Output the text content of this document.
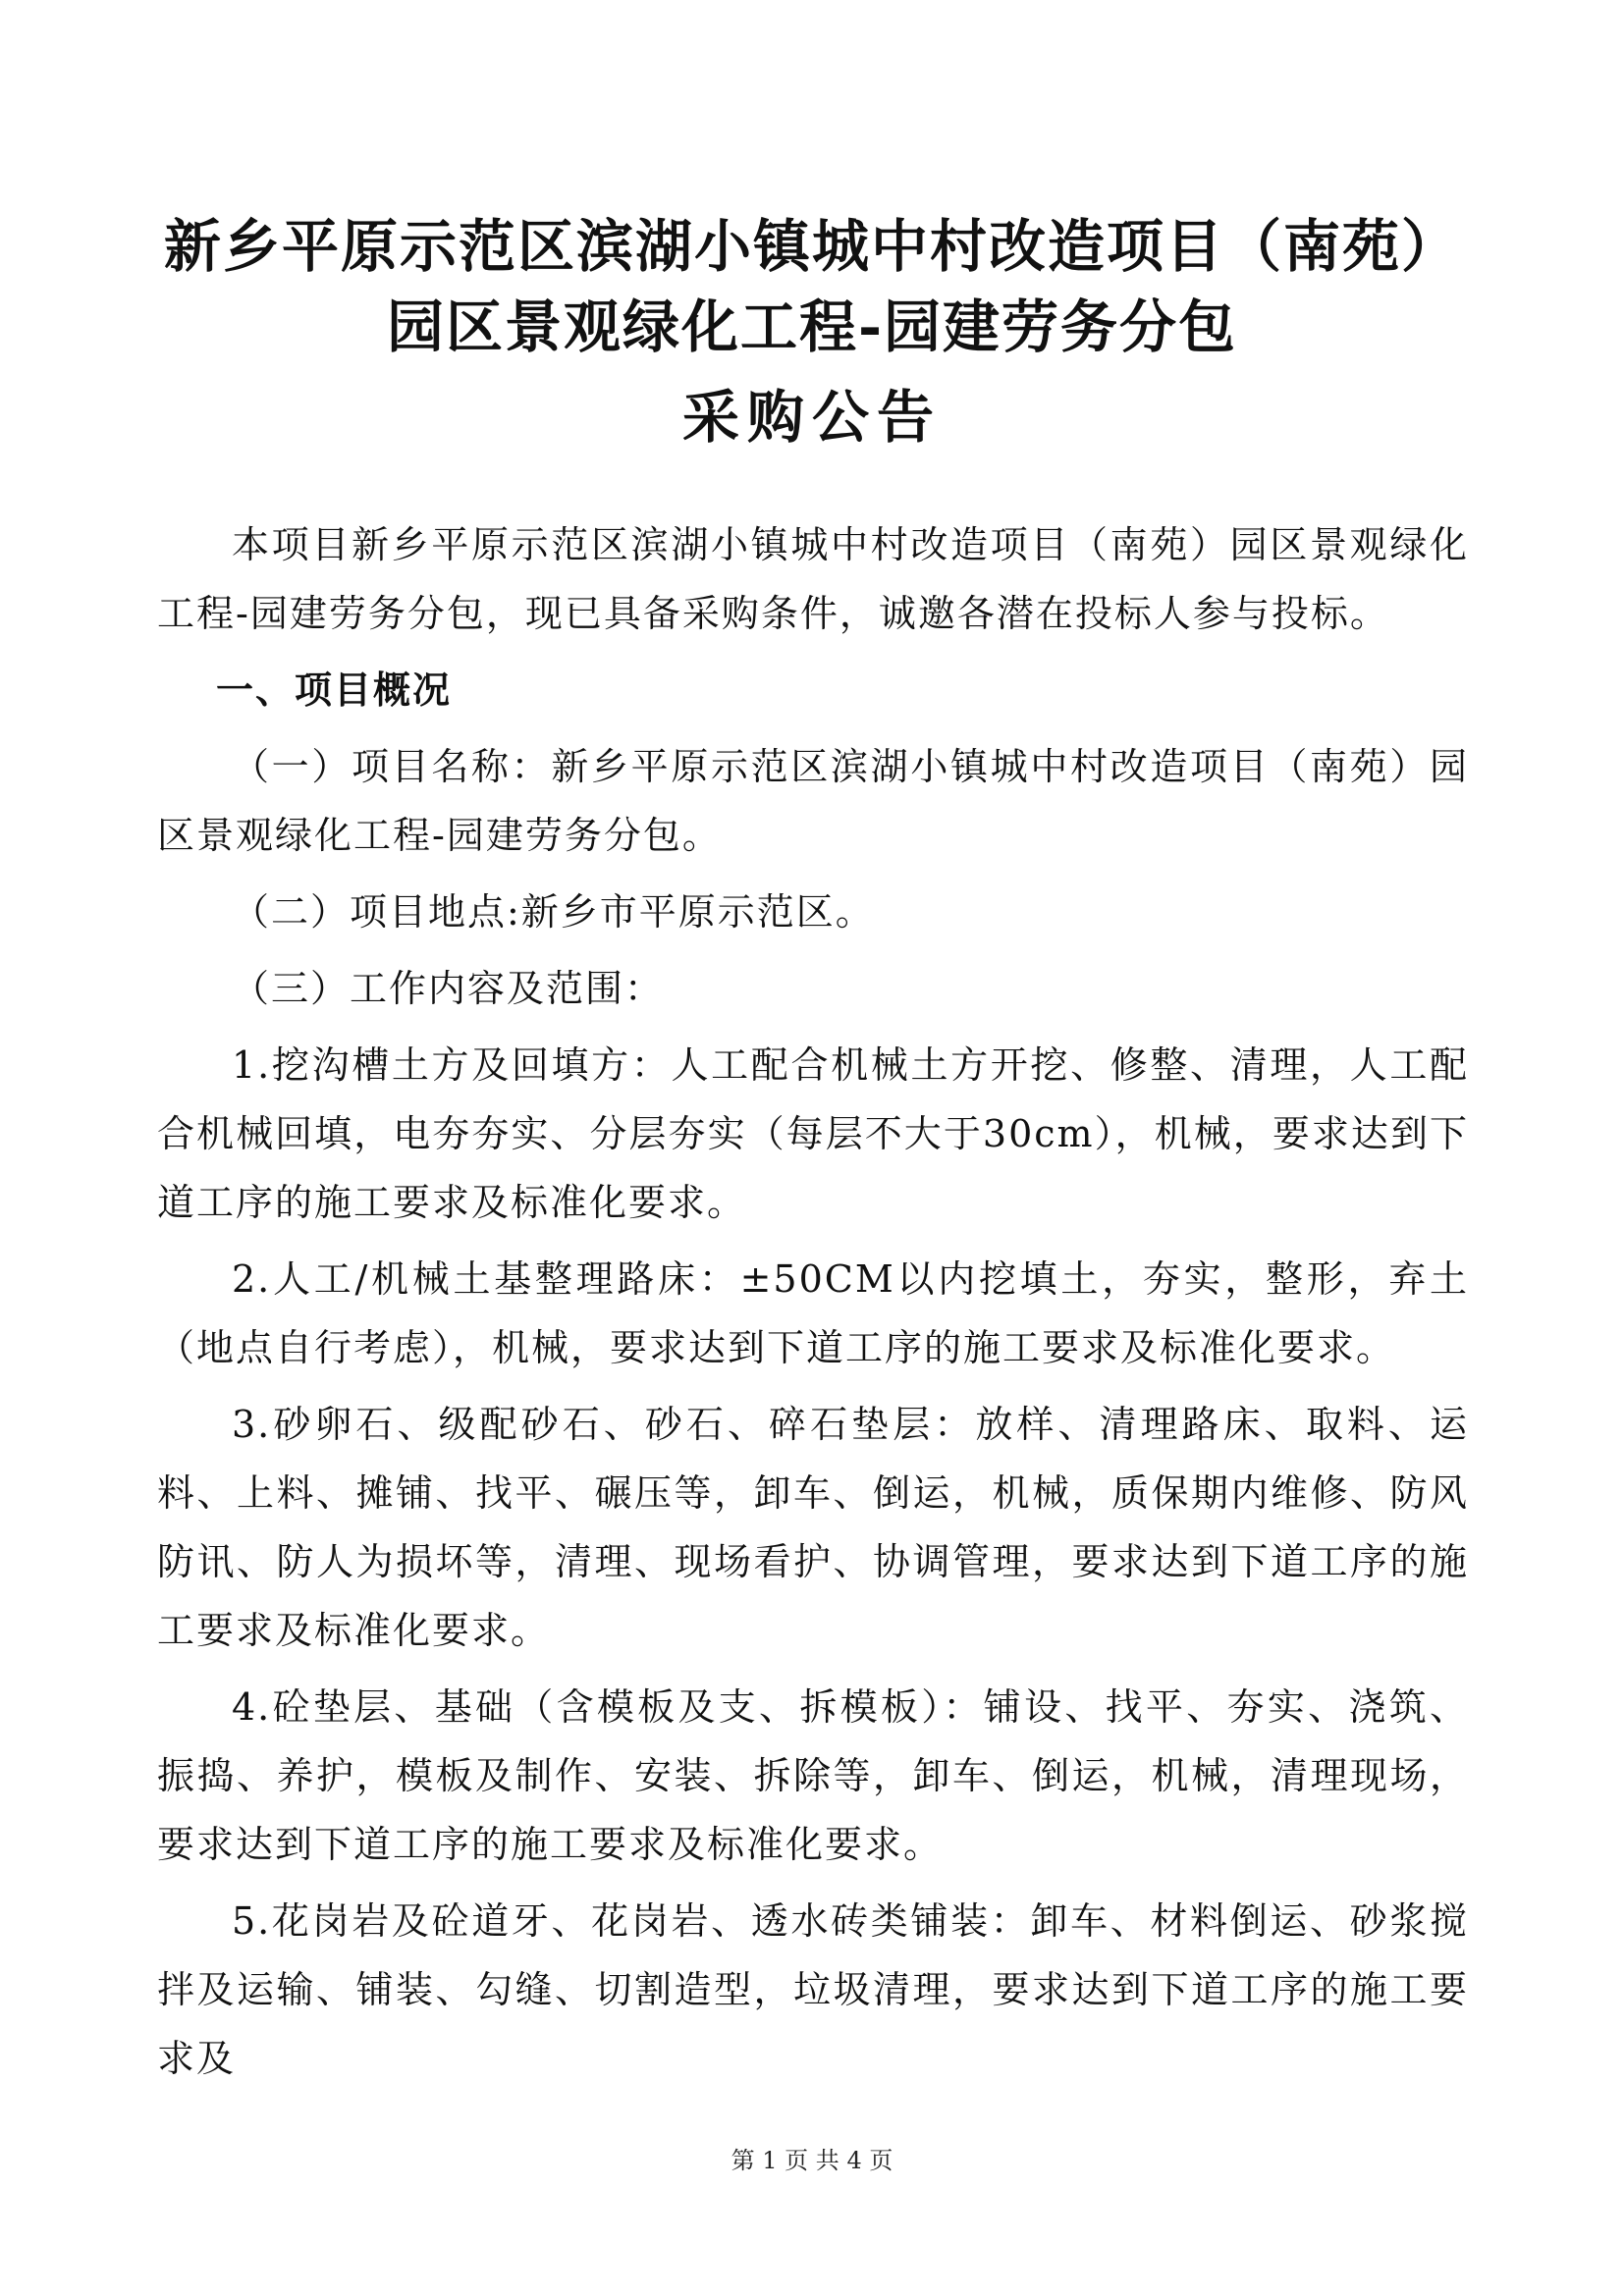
新乡平原示范区滨湖小镇城中村改造项目（南苑）
园区景观绿化工程-园建劳务分包
采购公告

本项目新乡平原示范区滨湖小镇城中村改造项目（南苑）园区景观绿化工程-园建劳务分包，现已具备采购条件，诚邀各潜在投标人参与投标。

一、项目概况

（一）项目名称：新乡平原示范区滨湖小镇城中村改造项目（南苑）园区景观绿化工程-园建劳务分包。

（二）项目地点:新乡市平原示范区。

（三）工作内容及范围：

1.挖沟槽土方及回填方：人工配合机械土方开挖、修整、清理，人工配合机械回填，电夯夯实、分层夯实（每层不大于30cm），机械，要求达到下道工序的施工要求及标准化要求。

2.人工/机械土基整理路床：±50CM以内挖填土，夯实，整形，弃土（地点自行考虑），机械，要求达到下道工序的施工要求及标准化要求。

3.砂卵石、级配砂石、砂石、碎石垫层：放样、清理路床、取料、运料、上料、摊铺、找平、碾压等，卸车、倒运，机械，质保期内维修、防风防讯、防人为损坏等，清理、现场看护、协调管理，要求达到下道工序的施工要求及标准化要求。

4.砼垫层、基础（含模板及支、拆模板）：铺设、找平、夯实、浇筑、振捣、养护，模板及制作、安装、拆除等，卸车、倒运，机械，清理现场，要求达到下道工序的施工要求及标准化要求。

5.花岗岩及砼道牙、花岗岩、透水砖类铺装：卸车、材料倒运、砂浆搅拌及运输、铺装、勾缝、切割造型，垃圾清理，要求达到下道工序的施工要求及

第 1 页 共 4 页
